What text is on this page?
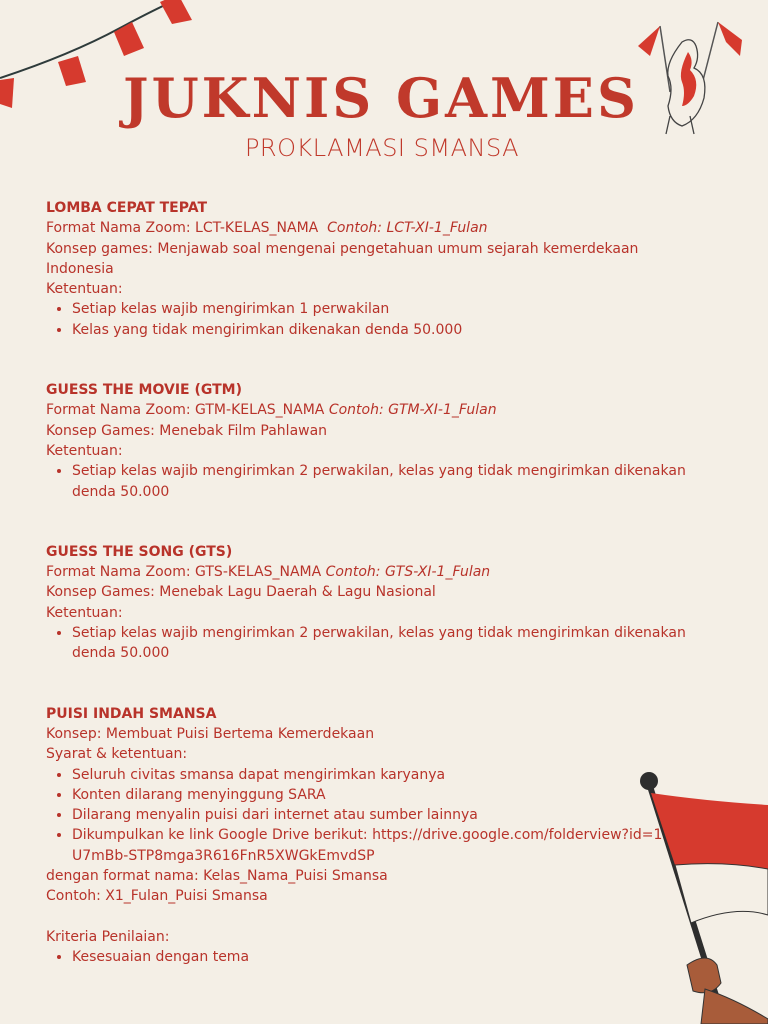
JUKNIS GAMES
PROKLAMASI SMANSA
LOMBA CEPAT TEPAT
Format Nama Zoom: LCT-KELAS_NAMA Contoh: LCT-XI-1_Fulan
Konsep games: Menjawab soal mengenai pengetahuan umum sejarah kemerdekaan Indonesia
Ketentuan:
• Setiap kelas wajib mengirimkan 1 perwakilan
• Kelas yang tidak mengirimkan dikenakan denda 50.000
GUESS THE MOVIE (GTM)
Format Nama Zoom: GTM-KELAS_NAMA Contoh: GTM-XI-1_Fulan
Konsep Games: Menebak Film Pahlawan
Ketentuan:
• Setiap kelas wajib mengirimkan 2 perwakilan, kelas yang tidak mengirimkan dikenakan denda 50.000
GUESS THE SONG (GTS)
Format Nama Zoom: GTS-KELAS_NAMA Contoh: GTS-XI-1_Fulan
Konsep Games: Menebak Lagu Daerah & Lagu Nasional
Ketentuan:
• Setiap kelas wajib mengirimkan 2 perwakilan, kelas yang tidak mengirimkan dikenakan denda 50.000
PUISI INDAH SMANSA
Konsep: Membuat Puisi Bertema Kemerdekaan
Syarat & ketentuan:
• Seluruh civitas smansa dapat mengirimkan karyanya
• Konten dilarang menyinggung SARA
• Dilarang menyalin puisi dari internet atau sumber lainnya
• Dikumpulkan ke link Google Drive berikut: https://drive.google.com/folderview?id=1U7mBb-STP8mga3R616FnR5XWGkEmvdSP
dengan format nama: Kelas_Nama_Puisi Smansa
Contoh: X1_Fulan_Puisi Smansa
Kriteria Penilaian:
• Kesesuaian dengan tema
